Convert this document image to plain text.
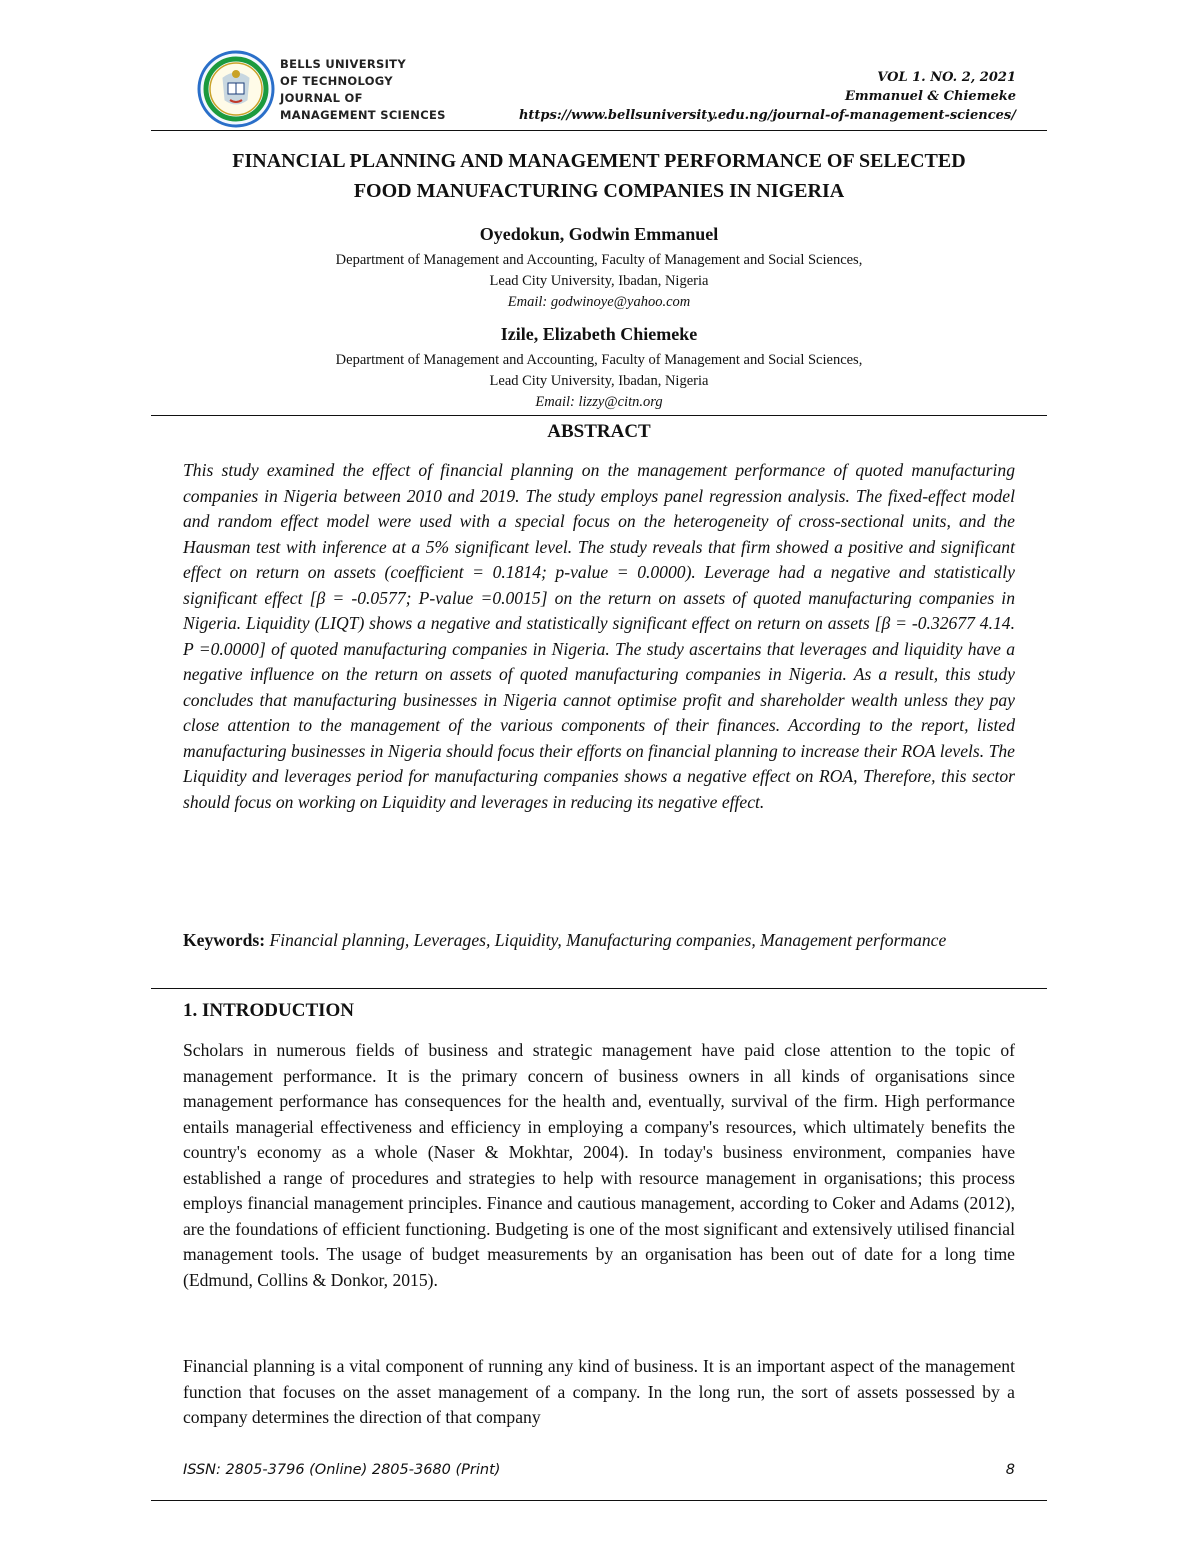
BELLS UNIVERSITY
OF TECHNOLOGY
JOURNAL OF
MANAGEMENT SCIENCES
VOL 1. NO. 2, 2021
Emmanuel & Chiemeke
https://www.bellsuniversity.edu.ng/journal-of-management-sciences/
FINANCIAL PLANNING AND MANAGEMENT PERFORMANCE OF SELECTED
FOOD MANUFACTURING COMPANIES IN NIGERIA
Oyedokun, Godwin Emmanuel
Department of Management and Accounting, Faculty of Management and Social Sciences,
Lead City University, Ibadan, Nigeria
Email: godwinoye@yahoo.com
Izile, Elizabeth Chiemeke
Department of Management and Accounting, Faculty of Management and Social Sciences,
Lead City University, Ibadan, Nigeria
Email: lizzy@citn.org
ABSTRACT
This study examined the effect of financial planning on the management performance of quoted manufacturing companies in Nigeria between 2010 and 2019. The study employs panel regression analysis. The fixed-effect model and random effect model were used with a special focus on the heterogeneity of cross-sectional units, and the Hausman test with inference at a 5% significant level. The study reveals that firm showed a positive and significant effect on return on assets (coefficient = 0.1814; p-value = 0.0000). Leverage had a negative and statistically significant effect [β = -0.0577; P-value =0.0015] on the return on assets of quoted manufacturing companies in Nigeria. Liquidity (LIQT) shows a negative and statistically significant effect on return on assets [β = -0.32677 4.14. P =0.0000] of quoted manufacturing companies in Nigeria. The study ascertains that leverages and liquidity have a negative influence on the return on assets of quoted manufacturing companies in Nigeria. As a result, this study concludes that manufacturing businesses in Nigeria cannot optimise profit and shareholder wealth unless they pay close attention to the management of the various components of their finances. According to the report, listed manufacturing businesses in Nigeria should focus their efforts on financial planning to increase their ROA levels. The Liquidity and leverages period for manufacturing companies shows a negative effect on ROA, Therefore, this sector should focus on working on Liquidity and leverages in reducing its negative effect.
Keywords: Financial planning, Leverages, Liquidity, Manufacturing companies, Management performance
1. INTRODUCTION
Scholars in numerous fields of business and strategic management have paid close attention to the topic of management performance. It is the primary concern of business owners in all kinds of organisations since management performance has consequences for the health and, eventually, survival of the firm. High performance entails managerial effectiveness and efficiency in employing a company's resources, which ultimately benefits the country's economy as a whole (Naser & Mokhtar, 2004). In today's business environment, companies have established a range of procedures and strategies to help with resource management in organisations; this process employs financial management principles. Finance and cautious management, according to Coker and Adams (2012), are the foundations of efficient functioning. Budgeting is one of the most significant and extensively utilised financial management tools. The usage of budget measurements by an organisation has been out of date for a long time (Edmund, Collins & Donkor, 2015).
Financial planning is a vital component of running any kind of business. It is an important aspect of the management function that focuses on the asset management of a company. In the long run, the sort of assets possessed by a company determines the direction of that company
ISSN: 2805-3796 (Online) 2805-3680 (Print)	8
